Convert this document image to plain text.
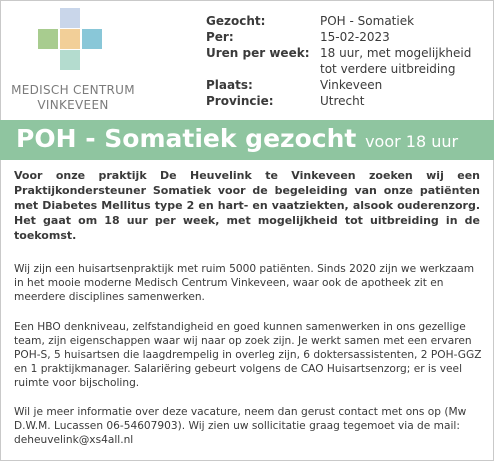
MEDISCH CENTRUM
VINKEVEEN
Gezocht:	POH - Somatiek
Per:	15-02-2023
Uren per week: 18 uur, met mogelijkheid
tot verdere uitbreiding
Plaats:	Vinkeveen
Provincie:	Utrecht
POH - Somatiek gezocht voor 18 uur
Voor onze praktijk De Heuvelink te Vinkeveen zoeken wij een Praktijkondersteuner Somatiek voor de begeleiding van onze patiënten met Diabetes Mellitus type 2 en hart- en vaatziekten, alsook ouderenzorg. Het gaat om 18 uur per week, met mogelijkheid tot uitbreiding in de toekomst.
Wij zijn een huisartsenpraktijk met ruim 5000 patiënten. Sinds 2020 zijn we werkzaam in het mooie moderne Medisch Centrum Vinkeveen, waar ook de apotheek zit en meerdere disciplines samenwerken.
Een HBO denkniveau, zelfstandigheid en goed kunnen samenwerken in ons gezellige team, zijn eigenschappen waar wij naar op zoek zijn. Je werkt samen met een ervaren POH-S, 5 huisartsen die laagdrempelig in overleg zijn, 6 doktersassistenten, 2 POH-GGZ en 1 praktijkmanager. Salariëring gebeurt volgens de CAO Huisartsenzorg; er is veel ruimte voor bijscholing.
Wil je meer informatie over deze vacature, neem dan gerust contact met ons op (Mw D.W.M. Lucassen 06-54607903). Wij zien uw sollicitatie graag tegemoet via de mail: deheuvelink@xs4all.nl
